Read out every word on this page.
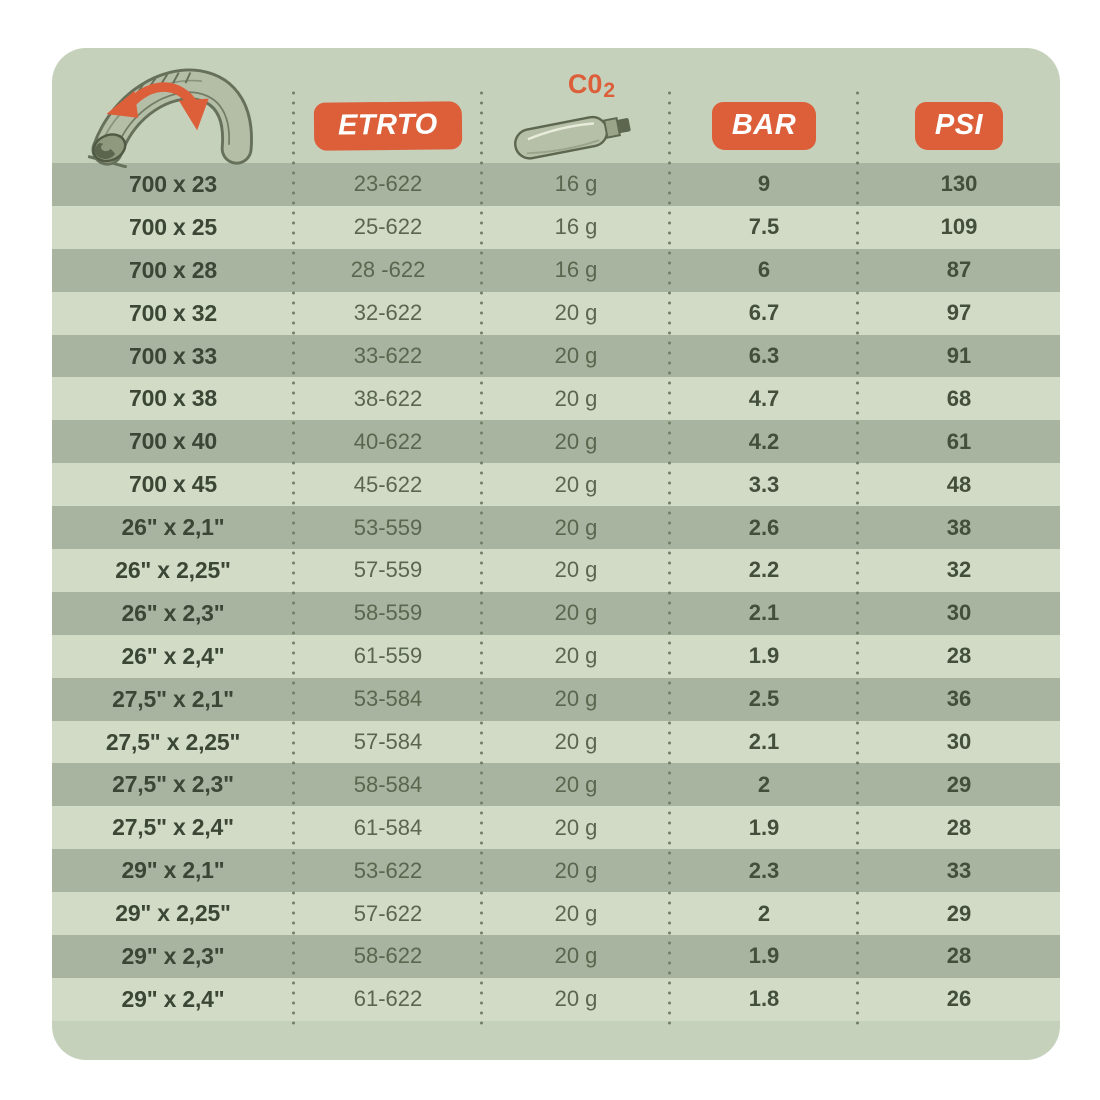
ETRTO
C02
BAR	PSI
700 x 23	23-622	16 g	9	130
700 x 25	25-622	16 g	7.5	109
700 x 28	28 -622	16 g	6	87
700 x 32	32-622	20 g	6.7	97
700 x 33	33-622	20 g	6.3	91
700 x 38	38-622	20 g	4.7	68
700 x 40	40-622	20 g	4.2	61
700 x 45	45-622	20 g	3.3	48
26" x 2,1"	53-559	20 g	2.6	38
26" x 2,25"	57-559	20 g	2.2	32
26" x 2,3"	58-559	20 g	2.1	30
26" x 2,4"	61-559	20 g	1.9	28
27,5" x 2,1"	53-584	20 g	2.5	36
27,5" x 2,25"	57-584	20 g	2.1	30
27,5" x 2,3"	58-584	20 g	2	29
27,5" x 2,4"	61-584	20 g	1.9	28
29" x 2,1"	53-622	20 g	2.3	33
29" x 2,25"	57-622	20 g	2	29
29" x 2,3"	58-622	20 g	1.9	28
29" x 2,4"	61-622	20 g	1.8	26
